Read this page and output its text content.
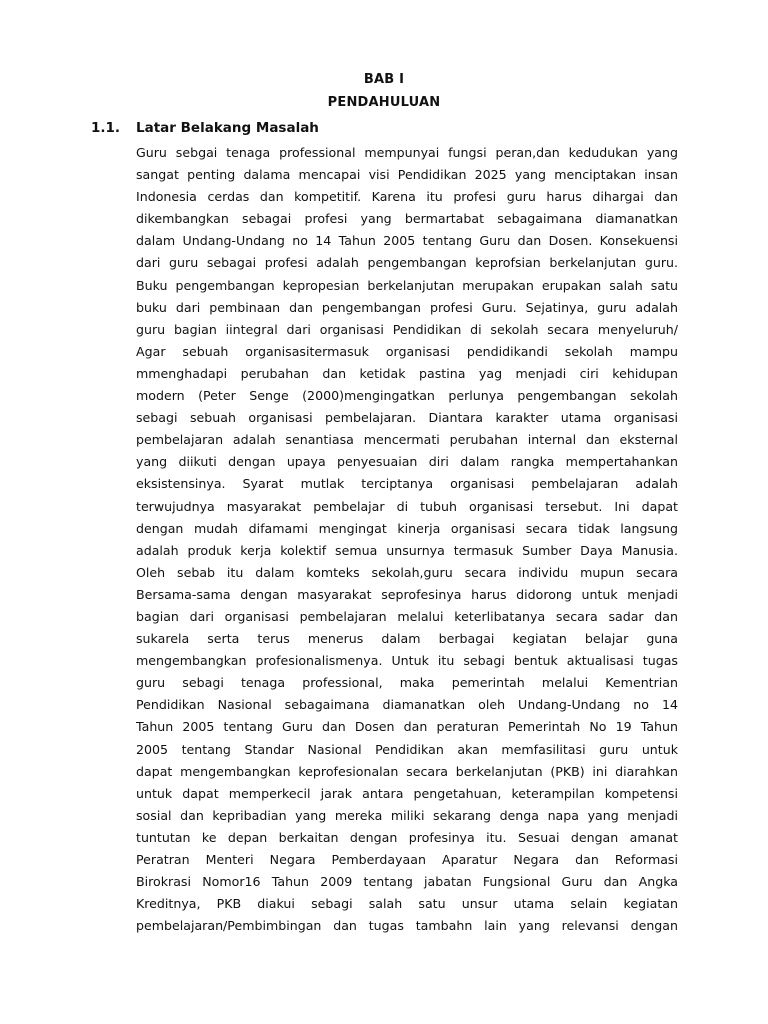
BAB I
PENDAHULUAN
1.1. Latar Belakang Masalah
Guru sebgai tenaga professional mempunyai fungsi peran,dan kedudukan yang
sangat penting dalama mencapai visi Pendidikan 2025 yang menciptakan insan
Indonesia cerdas dan kompetitif. Karena itu profesi guru harus dihargai dan
dikembangkan sebagai profesi yang bermartabat sebagaimana diamanatkan
dalam Undang-Undang no 14 Tahun 2005 tentang Guru dan Dosen. Konsekuensi
dari guru sebagai profesi adalah pengembangan keprofsian berkelanjutan guru.
Buku pengembangan kepropesian berkelanjutan merupakan erupakan salah satu
buku dari pembinaan dan pengembangan profesi Guru. Sejatinya, guru adalah
guru bagian iintegral dari organisasi Pendidikan di sekolah secara menyeluruh/
Agar sebuah organisasitermasuk organisasi pendidikandi sekolah mampu
mmenghadapi perubahan dan ketidak pastina yag menjadi ciri kehidupan
modern (Peter Senge (2000)mengingatkan perlunya pengembangan sekolah
sebagi sebuah organisasi pembelajaran. Diantara karakter utama organisasi
pembelajaran adalah senantiasa mencermati perubahan internal dan eksternal
yang diikuti dengan upaya penyesuaian diri dalam rangka mempertahankan
eksistensinya. Syarat mutlak terciptanya organisasi pembelajaran adalah
terwujudnya masyarakat pembelajar di tubuh organisasi tersebut. Ini dapat
dengan mudah difamami mengingat kinerja organisasi secara tidak langsung
adalah produk kerja kolektif semua unsurnya termasuk Sumber Daya Manusia.
Oleh sebab itu dalam komteks sekolah,guru secara individu mupun secara
Bersama-sama dengan masyarakat seprofesinya harus didorong untuk menjadi
bagian dari organisasi pembelajaran melalui keterlibatanya secara sadar dan
sukarela serta terus menerus dalam berbagai kegiatan belajar guna
mengembangkan profesionalismenya. Untuk itu sebagi bentuk aktualisasi tugas
guru sebagi tenaga professional, maka pemerintah melalui Kementrian
Pendidikan Nasional sebagaimana diamanatkan oleh Undang-Undang no 14
Tahun 2005 tentang Guru dan Dosen dan peraturan Pemerintah No 19 Tahun
2005 tentang Standar Nasional Pendidikan akan memfasilitasi guru untuk
dapat mengembangkan keprofesionalan secara berkelanjutan (PKB) ini diarahkan
untuk dapat memperkecil jarak antara pengetahuan, keterampilan kompetensi
sosial dan kepribadian yang mereka miliki sekarang denga napa yang menjadi
tuntutan ke depan berkaitan dengan profesinya itu. Sesuai dengan amanat
Peratran Menteri Negara Pemberdayaan Aparatur Negara dan Reformasi
Birokrasi Nomor16 Tahun 2009 tentang jabatan Fungsional Guru dan Angka
Kreditnya, PKB diakui sebagi salah satu unsur utama selain kegiatan
pembelajaran/Pembimbingan dan tugas tambahn lain yang relevansi dengan
